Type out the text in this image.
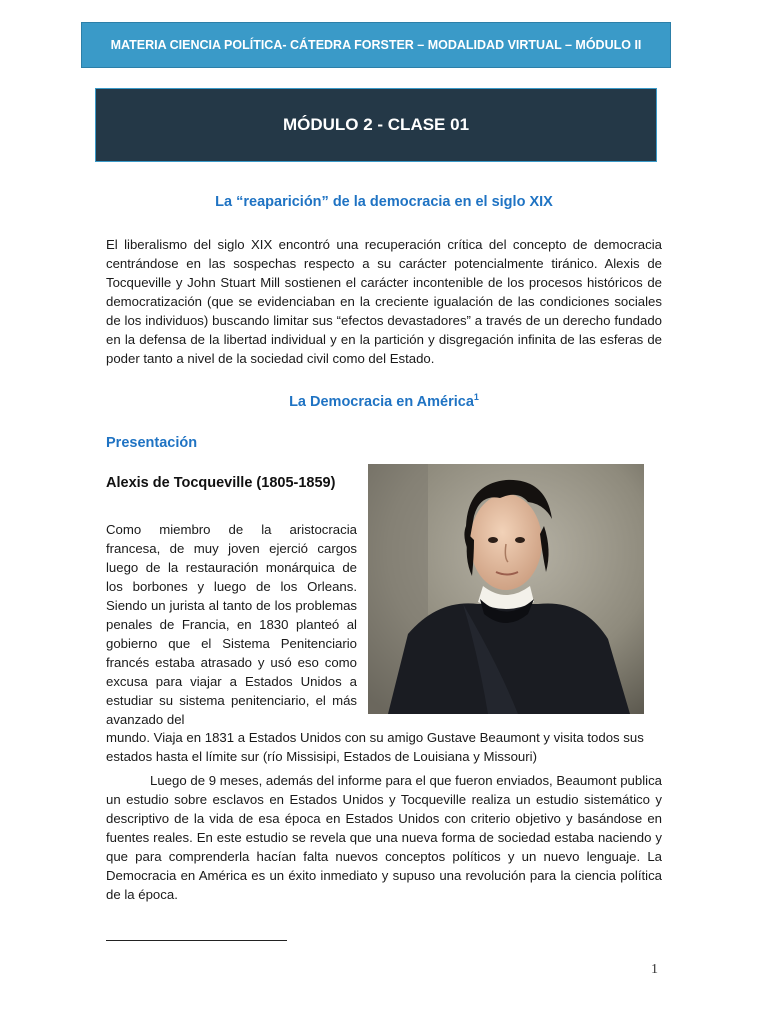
MATERIA CIENCIA POLÍTICA- CÁTEDRA FORSTER – MODALIDAD VIRTUAL – MÓDULO II
MÓDULO 2 - CLASE 01
La “reaparición” de la democracia en el siglo XIX

El liberalismo del siglo XIX encontró una recuperación crítica del concepto de democracia centrándose en las sospechas respecto a su carácter potencialmente tiránico. Alexis de Tocqueville y John Stuart Mill sostienen el carácter incontenible de los procesos históricos de democratización (que se evidenciaban en la creciente igualación de las condiciones sociales de los individuos) buscando limitar sus “efectos devastadores” a través de un derecho fundado en la defensa de la libertad individual y en la partición y disgregación infinita de las esferas de poder tanto a nivel de la sociedad civil como del Estado.

La Democracia en América$^1$
Presentación
Alexis de Tocqueville (1805-1859)

Como miembro de la aristocracia francesa, de muy joven ejerció cargos luego de la restauración monárquica de los borbones y luego de los Orleans. Siendo un jurista al tanto de los problemas penales de Francia, en 1830 planteó al gobierno que el Sistema Penitenciario francés estaba atrasado y usó eso como excusa para viajar a Estados Unidos a estudiar su sistema penitenciario, el más avanzado del

mundo. Viaja en 1831 a Estados Unidos con su amigo Gustave Beaumont y visita todos sus estados hasta el límite sur (río Missisipi, Estados de Louisiana y Missouri)

Luego de 9 meses, además del informe para el que fueron enviados, Beaumont publica un estudio sobre esclavos en Estados Unidos y Tocqueville realiza un estudio sistemático y descriptivo de la vida de esa época en Estados Unidos con criterio objetivo y basándose en fuentes reales. En este estudio se revela que una nueva forma de sociedad estaba naciendo y que para comprenderla hacían falta nuevos conceptos políticos y un nuevo lenguaje. La Democracia en América es un éxito inmediato y supuso una revolución para la ciencia política de la época.

1
